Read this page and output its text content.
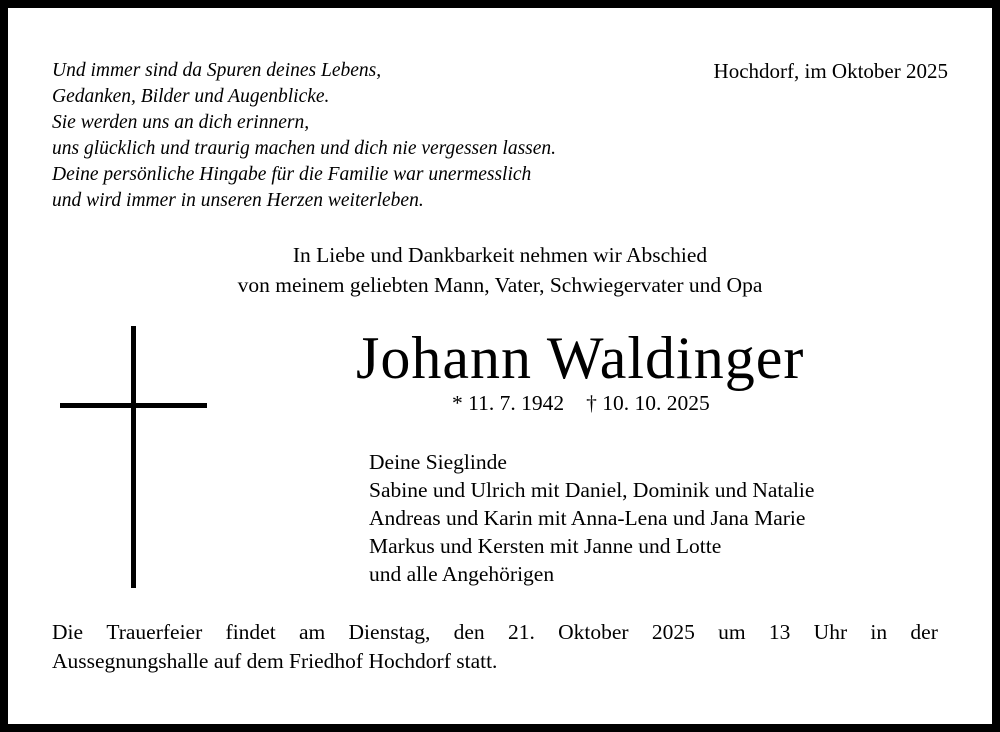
Und immer sind da Spuren deines Lebens,
Gedanken, Bilder und Augenblicke.
Sie werden uns an dich erinnern,
uns glücklich und traurig machen und dich nie vergessen lassen.
Deine persönliche Hingabe für die Familie war unermesslich
und wird immer in unseren Herzen weiterleben.
Hochdorf, im Oktober 2025
In Liebe und Dankbarkeit nehmen wir Abschied
von meinem geliebten Mann, Vater, Schwiegervater und Opa
Johann Waldinger
* 11. 7. 1942 † 10. 10. 2025
Deine Sieglinde
Sabine und Ulrich mit Daniel, Dominik und Natalie
Andreas und Karin mit Anna-Lena und Jana Marie
Markus und Kersten mit Janne und Lotte
und alle Angehörigen
Die Trauerfeier findet am Dienstag, den 21. Oktober 2025 um 13 Uhr in der
Aussegnungshalle auf dem Friedhof Hochdorf statt.
